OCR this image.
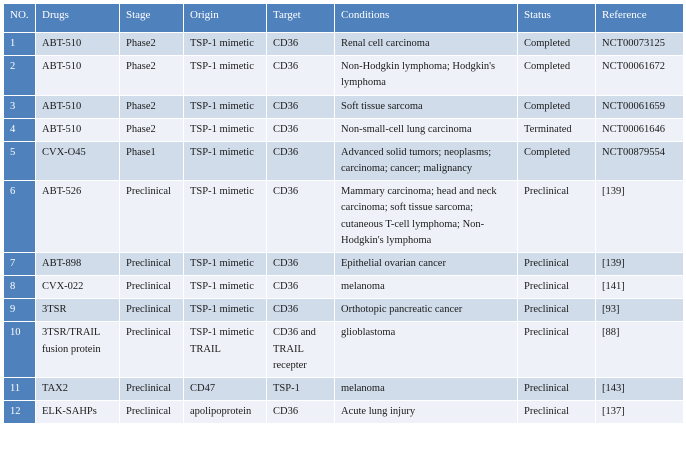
NO.	Drugs	Stage	Origin	Target	Conditions	Status	Reference
1	ABT-510	Phase2	TSP-1 mimetic	CD36	Renal cell carcinoma	Completed	NCT00073125

2	ABT-510	Phase2	TSP-1 mimetic	CD36	Non-Hodgkin lymphoma; Hodgkin's
lymphoma	Completed	NCT00061672

3	ABT-510	Phase2	TSP-1 mimetic	CD36	Soft tissue sarcoma	Completed	NCT00061659

4	ABT-510	Phase2	TSP-1 mimetic	CD36	Non-small-cell lung carcinoma	Terminated	NCT00061646

5	CVX-O45	Phase1	TSP-1 mimetic	CD36	Advanced solid tumors; neoplasms;
carcinoma; cancer; malignancy	Completed	NCT00879554

6	ABT-526	Preclinical	TSP-1 mimetic	CD36	Mammary carcinoma; head and neck
carcinoma; soft tissue sarcoma;
cutaneous T-cell lymphoma; Non-
Hodgkin's lymphoma	Preclinical	[139]

7	ABT-898	Preclinical	TSP-1 mimetic	CD36	Epithelial ovarian cancer	Preclinical	[139]

8	CVX-022	Preclinical	TSP-1 mimetic	CD36	melanoma	Preclinical	[141]

9	3TSR	Preclinical	TSP-1 mimetic	CD36	Orthotopic pancreatic cancer	Preclinical	[93]

10	3TSR/TRAIL
fusion protein	Preclinical	TSP-1 mimetic
TRAIL	CD36 and
TRAIL
recepter	glioblastoma	Preclinical	[88]

11	TAX2	Preclinical	CD47	TSP-1	melanoma	Preclinical	[143]

12	ELK-SAHPs	Preclinical	apolipoprotein	CD36	Acute lung injury	Preclinical	[137]
